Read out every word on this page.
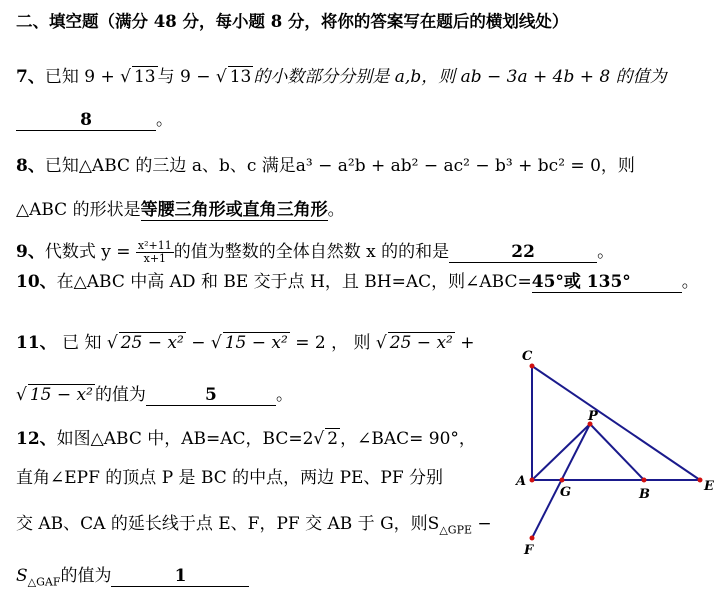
二、填空题（满分 48 分，每小题 8 分，将你的答案写在题后的横划线处）
7、已知 9 + √ 13 与 9 − √ 13 的小数部分分别是 a,b，则 ab − 3a + 4b + 8 的值为
8	。
8、已知△ABC 的三边 a、b、c 满足a³ − a²b + ab² − ac² − b³ + bc² = 0，则
△ABC 的形状是等腰三角形或直角三角形。
9、代数式 $y = \frac{\text{x²+11}}{x+1}$ 的值为整数的全体自然数 x 的的和是	22	。
10、在△ABC 中高 AD 和 BE 交于点 H，且 BH=AC，则∠ABC=45°或 135°	。
11、 已 知 √ 25 − x² − √ 15 − x² = 2 ， 则 √ 25 − x² +
√ 15 − x² 的值为	5	。
12、如图△ABC 中，AB=AC，BC=2√ 2 ，∠BAC= 90°，
直角∠EPF 的顶点 P 是 BC 的中点，两边 PE、PF 分别
交 AB、CA 的延长线于点 E、F，PF 交 AB 于 G，则$S_{\triangle GPE}$ −
$S_{\triangle GAF}$的值为	1
C
P
A
G	B
E
F
